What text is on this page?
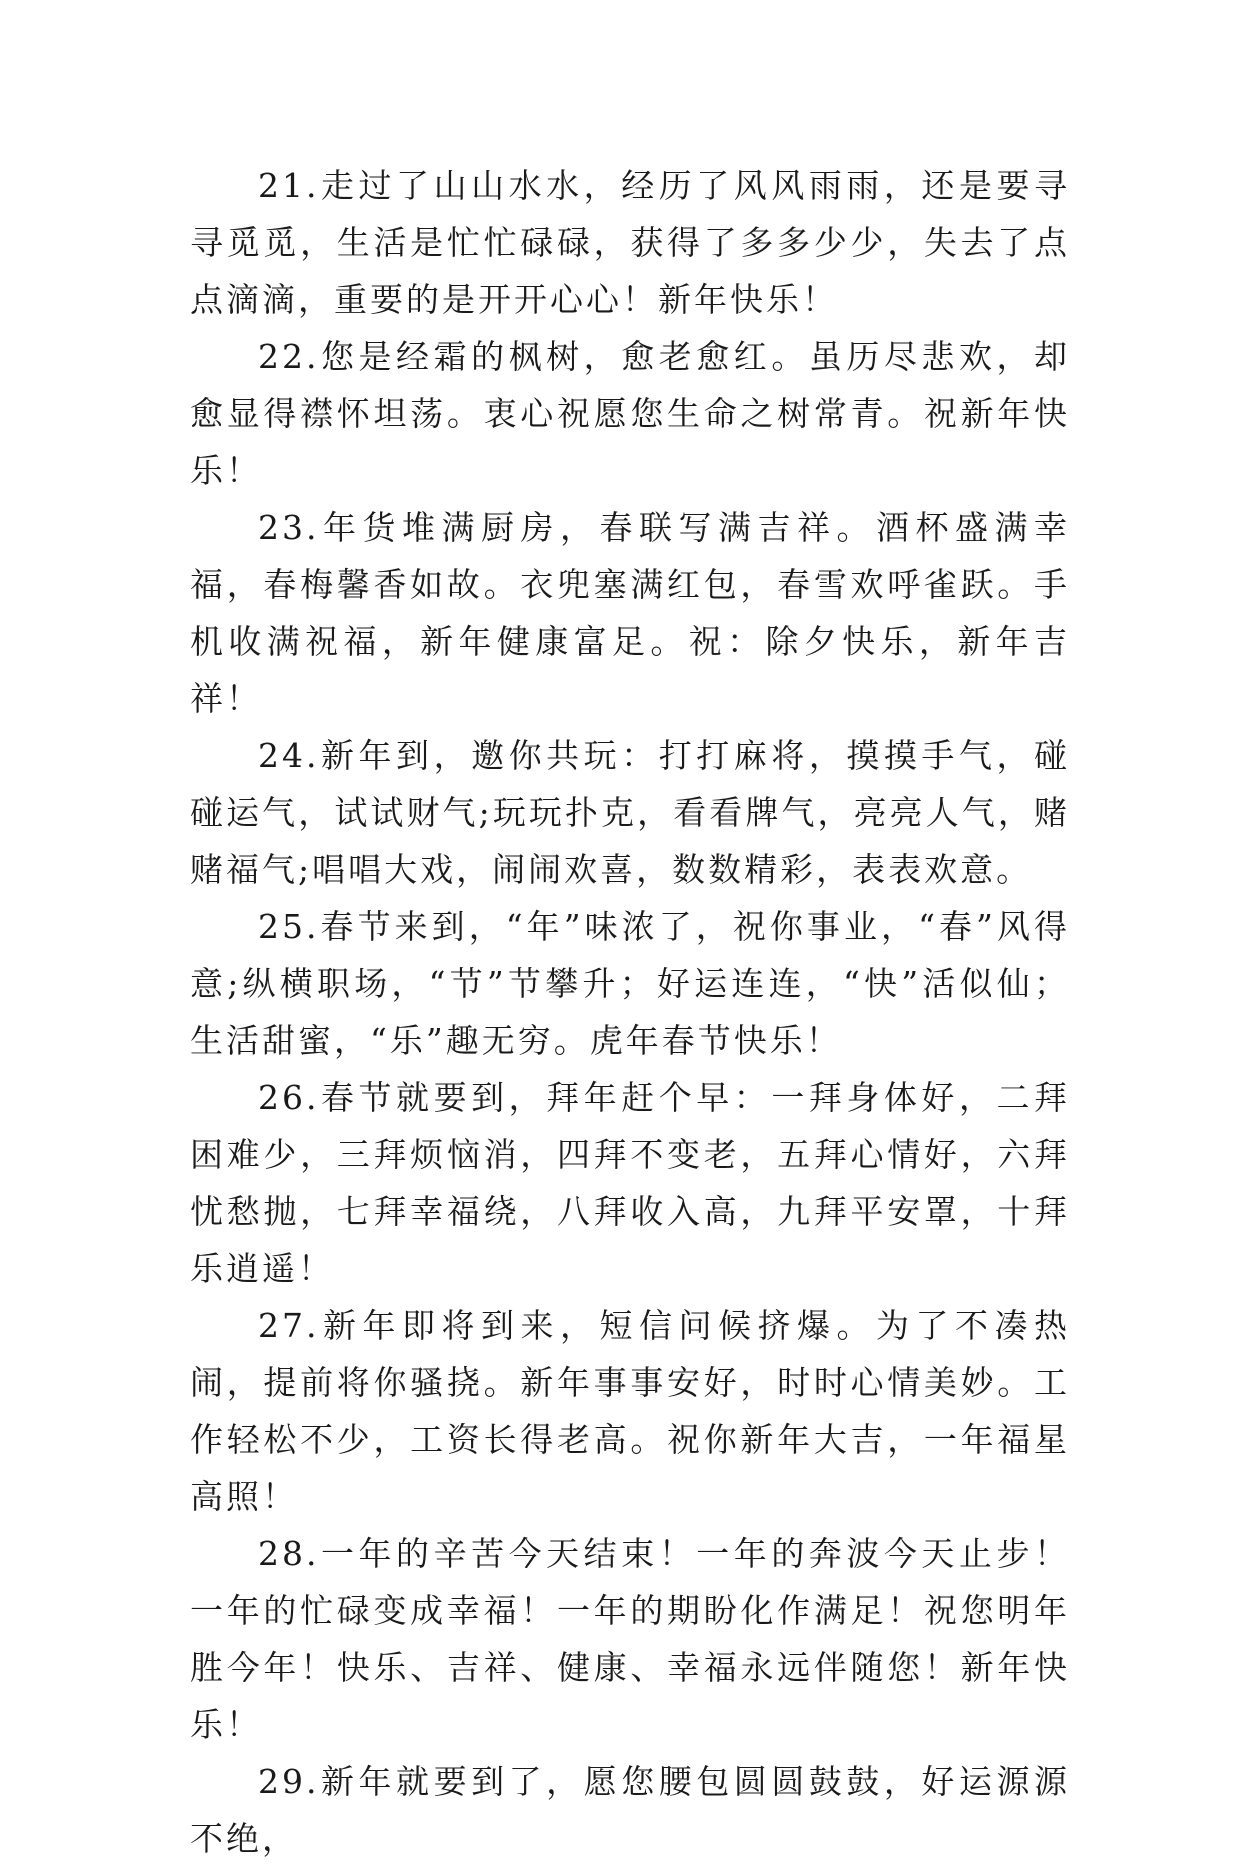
21.走过了山山水水，经历了风风雨雨，还是要寻寻觅觅，生活是忙忙碌碌，获得了多多少少，失去了点点滴滴，重要的是开开心心！新年快乐！

22.您是经霜的枫树，愈老愈红。虽历尽悲欢，却愈显得襟怀坦荡。衷心祝愿您生命之树常青。祝新年快乐！

23.年货堆满厨房，春联写满吉祥。酒杯盛满幸福，春梅馨香如故。衣兜塞满红包，春雪欢呼雀跃。手机收满祝福，新年健康富足。祝：除夕快乐，新年吉祥！

24.新年到，邀你共玩：打打麻将，摸摸手气，碰碰运气，试试财气;玩玩扑克，看看牌气，亮亮人气，赌赌福气;唱唱大戏，闹闹欢喜，数数精彩，表表欢意。

25.春节来到，“年”味浓了，祝你事业，“春”风得意;纵横职场，“节”节攀升；好运连连，“快”活似仙；生活甜蜜，“乐”趣无穷。虎年春节快乐！

26.春节就要到，拜年赶个早：一拜身体好，二拜困难少，三拜烦恼消，四拜不变老，五拜心情好，六拜忧愁抛，七拜幸福绕，八拜收入高，九拜平安罩，十拜乐逍遥！

27.新年即将到来，短信问候挤爆。为了不凑热闹，提前将你骚挠。新年事事安好，时时心情美妙。工作轻松不少，工资长得老高。祝你新年大吉，一年福星高照！

28.一年的辛苦今天结束！一年的奔波今天止步！一年的忙碌变成幸福！一年的期盼化作满足！祝您明年胜今年！快乐、吉祥、健康、幸福永远伴随您！新年快乐！

29.新年就要到了，愿您腰包圆圆鼓鼓，好运源源不绝，
